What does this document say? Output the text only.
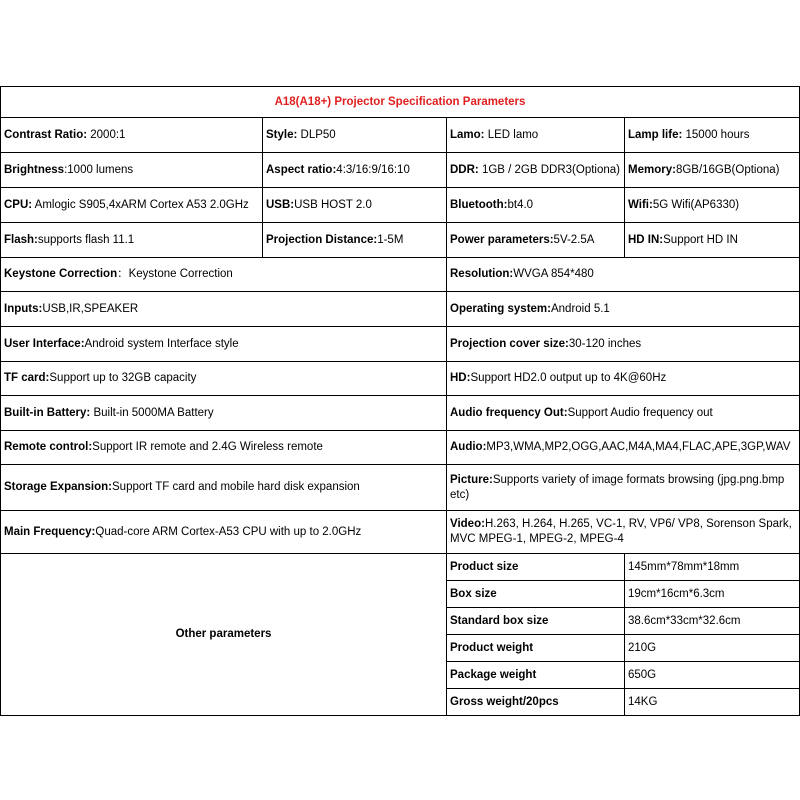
A18(A18+) Projector Specification Parameters			
Contrast Ratio: 2000:1	Style: DLP50	Lamo: LED lamo	Lamp life: 15000 hours
Brightness:1000 lumens	Aspect ratio:4:3/16:9/16:10	DDR: 1GB / 2GB DDR3(Optiona)	Memory:8GB/16GB(Optiona)
CPU: Amlogic S905,4xARM Cortex A53 2.0GHz	USB:USB HOST 2.0	Bluetooth:bt4.0	Wifi:5G Wifi(AP6330)
Flash:supports flash 11.1	Projection Distance:1-5M	Power parameters:5V-2.5A	HD IN:Support HD IN
Keystone Correction：Keystone Correction		Resolution:WVGA 854*480	
Inputs:USB,IR,SPEAKER		Operating system:Android 5.1	
User Interface:Android system Interface style		Projection cover size:30-120 inches	
TF card:Support up to 32GB capacity		HD:Support HD2.0 output up to 4K@60Hz	
Built-in Battery: Built-in 5000MA Battery		Audio frequency Out:Support Audio frequency out	
Remote control:Support IR remote and 2.4G Wireless remote		Audio:MP3,WMA,MP2,OGG,AAC,M4A,MA4,FLAC,APE,3GP,WAV	
Storage Expansion:Support TF card and mobile hard disk expansion		Picture:Supports variety of image formats browsing (jpg.png.bmp etc)	
Main Frequency:Quad-core ARM Cortex-A53 CPU with up to 2.0GHz		Video:H.263, H.264, H.265, VC-1, RV, VP6/ VP8, Sorenson Spark, MVC MPEG-1, MPEG-2, MPEG-4	
Other parameters		Product size	145mm*78mm*18mm
		Box size	19cm*16cm*6.3cm
		Standard box size	38.6cm*33cm*32.6cm
		Product weight	210G
		Package weight	650G
		Gross weight/20pcs	14KG
